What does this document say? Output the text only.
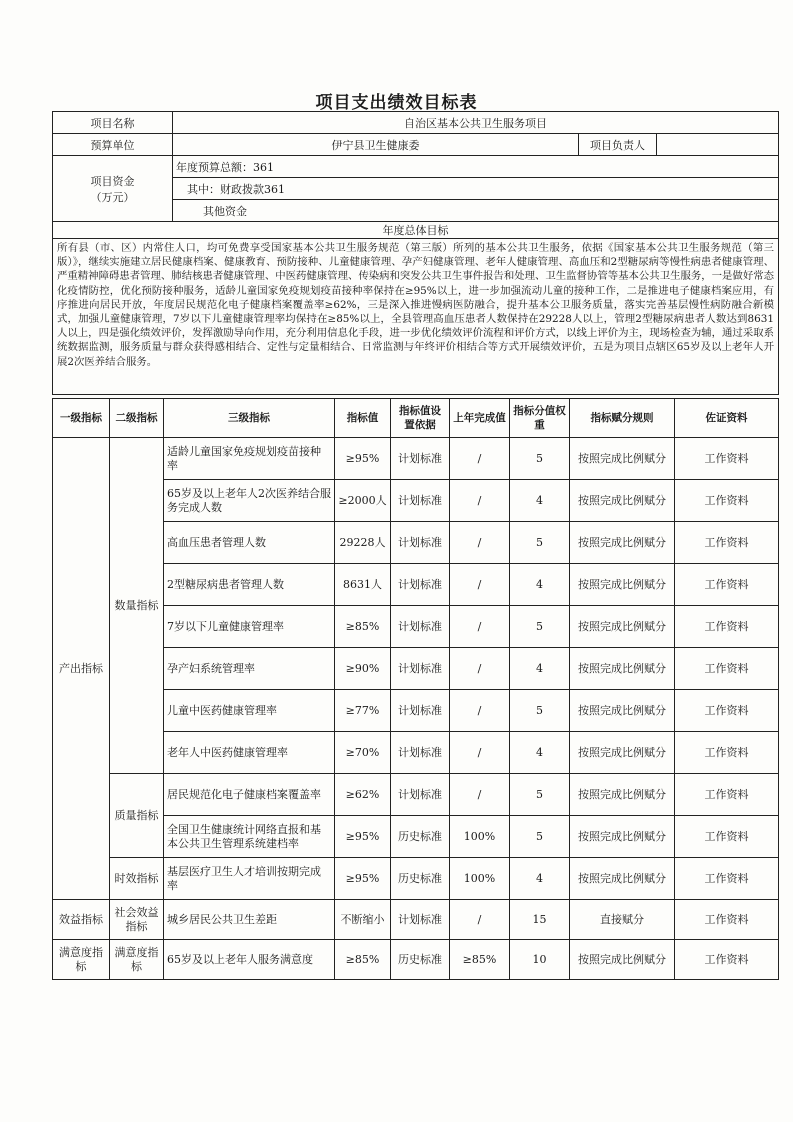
项目支出绩效目标表
项目名称	自治区基本公共卫生服务项目		
预算单位	伊宁县卫生健康委	项目负责人	

项目资金
（万元）	年度预算总额：361		
	其中：财政拨款361		
	其他资金		
年度总体目标			
所有县（市、区）内常住人口，均可免费享受国家基本公共卫生服务规范（第三版）所列的基本公共卫生服务，依据《国家基本公共卫生服务规范（第三版）》，继续实施建立居民健康档案、健康教育、预防接种、儿童健康管理、孕产妇健康管理、老年人健康管理、高血压和2型糖尿病等慢性病患者健康管理、严重精神障碍患者管理、肺结核患者健康管理、中医药健康管理、传染病和突发公共卫生事件报告和处理、卫生监督协管等基本公共卫生服务，一是做好常态化疫情防控，优化预防接种服务，适龄儿童国家免疫规划疫苗接种率保持在≥95%以上，进一步加强流动儿童的接种工作，二是推进电子健康档案应用，有序推进向居民开放，年度居民规范化电子健康档案覆盖率≥62%，三是深入推进慢病医防融合，提升基本公卫服务质量，落实完善基层慢性病防融合新模式，加强儿童健康管理，7岁以下儿童健康管理率均保持在≥85%以上，全县管理高血压患者人数保持在29228人以上，管理2型糖尿病患者人数达到8631人以上，四是强化绩效评价，发挥激励导向作用，充分利用信息化手段，进一步优化绩效评价流程和评价方式，以线上评价为主，现场检查为辅，通过采取系统数据监测，服务质量与群众获得感相结合、定性与定量相结合、日常监测与年终评价相结合等方式开展绩效评价，五是为项目点辖区65岁及以上老年人开展2次医养结合服务。			
一级指标	二级指标	三级指标	指标值	指标值设置依据	上年完成值	指标分值权重	指标赋分规则	佐证资料
产出指标	数量指标	适龄儿童国家免疫规划疫苗接种率	≥95%	计划标准	/	5	按照完成比例赋分	工作资料
		65岁及以上老年人2次医养结合服务完成人数	≥2000人	计划标准	/	4	按照完成比例赋分	工作资料
		高血压患者管理人数	29228人	计划标准	/	5	按照完成比例赋分	工作资料
		2型糖尿病患者管理人数	8631人	计划标准	/	4	按照完成比例赋分	工作资料
		7岁以下儿童健康管理率	≥85%	计划标准	/	5	按照完成比例赋分	工作资料
		孕产妇系统管理率	≥90%	计划标准	/	4	按照完成比例赋分	工作资料
		儿童中医药健康管理率	≥77%	计划标准	/	5	按照完成比例赋分	工作资料
		老年人中医药健康管理率	≥70%	计划标准	/	4	按照完成比例赋分	工作资料
	质量指标	居民规范化电子健康档案覆盖率	≥62%	计划标准	/	5	按照完成比例赋分	工作资料
		全国卫生健康统计网络直报和基本公共卫生管理系统建档率	≥95%	历史标准	100%	5	按照完成比例赋分	工作资料
	时效指标	基层医疗卫生人才培训按期完成率	≥95%	历史标准	100%	4	按照完成比例赋分	工作资料
效益指标	社会效益指标	城乡居民公共卫生差距	不断缩小	计划标准	/	15	直接赋分	工作资料
满意度指标	满意度指标	65岁及以上老年人服务满意度	≥85%	历史标准	≥85%	10	按照完成比例赋分	工作资料
